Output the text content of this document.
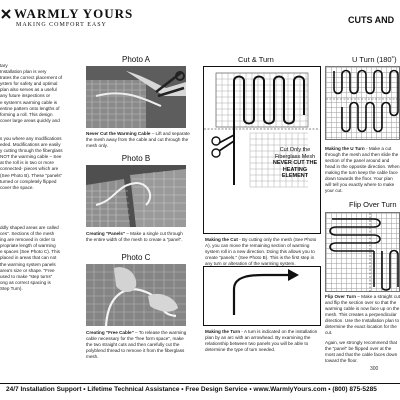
WARMLY YOURS
MAKING COMFORT EASY	CUTS AND
tary
Installation plan is very
trates the correct placement of
ystem for safety and optimal
plan also serves as a useful
any future inspections or
e system's warming cable is
entine pattern onto lengths of
forming a roll. This design
cover large areas quickly and
s you where any modifications
eded. Modifications are easily
y cutting through the fiberglass
NOT the warming cable – See
at the roll is in two or more
connected- pieces which are
(See Photo B). These "panels"
turned or completely flipped
cover the space.
ddly shaped areas are called
ces". Sections of the mesh
ing are removed in order to
propriate length of warming
e spaces (See Photo C). This
placed in areas that can not
the warming system panels
area's size or shape. "Free
used to make "step turns"
ong as correct spacing is
Step Turn).
Photo A
Never Cut the Warming Cable – Lift and separate the mesh away from the cable and cut through the mesh only.
Photo B
Creating "Panels" – Make a single cut through the entire width of the mesh to create a "panel".
Photo C
Creating "Free Cable" – To release the warming cable necessary for the "free form space", make the two straight cuts and then carefully cut the polyblend thread to remove it from the fiberglass mesh.
Cut & Turn
Cut Only the
Fiberglass Mesh
NEVER CUT THE
HEATING
ELEMENT
Making the Cut - By cutting only the mesh (See Photo A), you can move the remaining section of warming system roll in a new direction. Doing this allows you to create "panels." (See Photo B). This is the first step in any turn or alteration of the warming system.
Making the Turn - A turn is indicated on the installation plan by an arc with an arrowhead. By examining the relationship between two panels you will be able to determine the type of turn needed.
U Turn (180˚)
Making the U Turn - Make a cut through the mesh and then slide the section of the panel around and head in the opposite direction. When making the turn keep the cable face down towards the floor. Your plan will tell you exactly where to make your cut.
Flip Over Turn
Flip Over Turn – Make a straight cut and flip the section over so that the warming cable is now face up on the mesh. This creates a perpendicular direction. Use the Installation plan to determine the exact location for the cut.
Again, we strongly recommend that the "panel" be flipped over at the most and that the cable faces down toward the floor.
300
24/7 Installation Support • Lifetime Technical Assistance • Free Design Service • www.WarmlyYours.com • (800) 875-5285
